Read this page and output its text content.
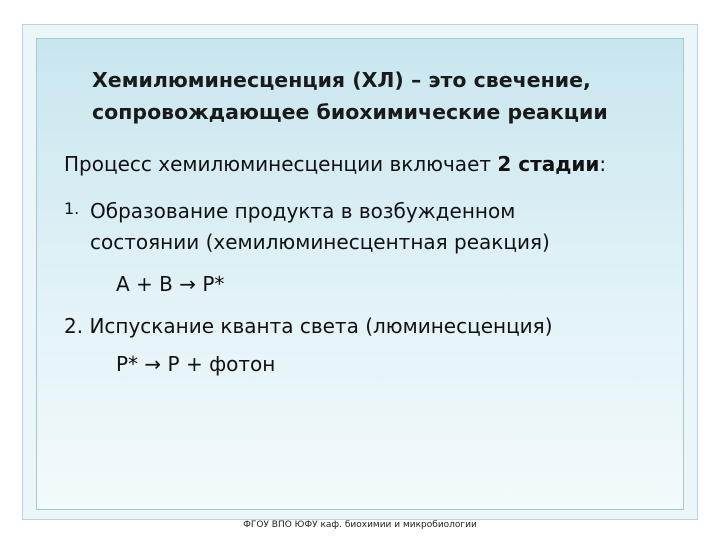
Хемилюминесценция (ХЛ) – это свечение,
сопровождающее биохимические реакции
Процесс хемилюминесценции включает 2 стадии:
1. Образование продукта в возбужденном
состоянии (хемилюминесцентная реакция)
А + В → Р*
2. Испускание кванта света (люминесценция)
Р* → Р + фотон
ФГОУ ВПО ЮФУ каф. биохимии и микробиологии
